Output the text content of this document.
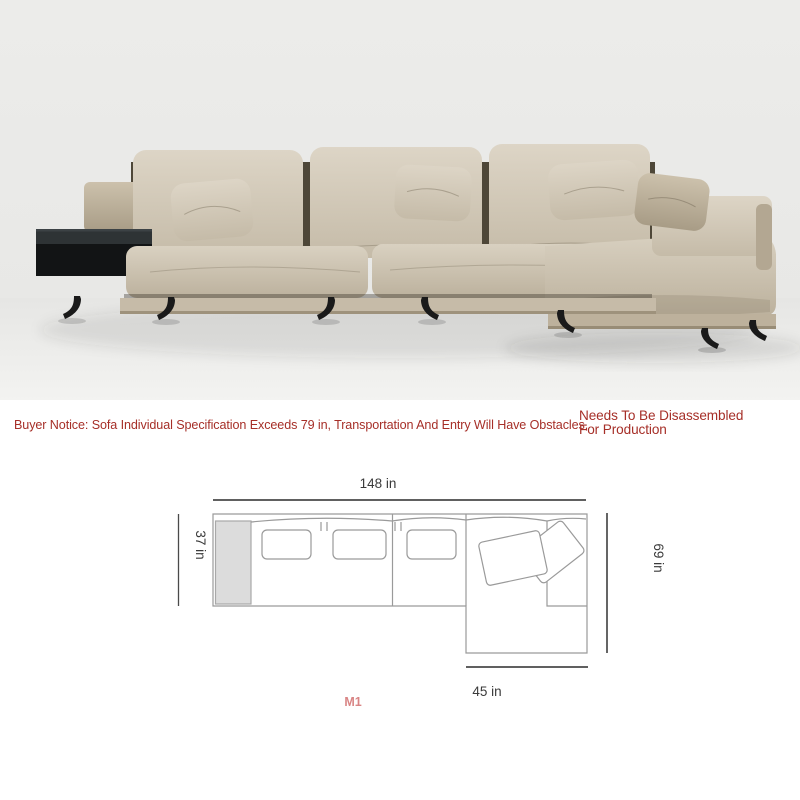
Buyer Notice: Sofa Individual Specification Exceeds 79 in, Transportation And Entry Will Have Obstacles,
Needs To Be Disassembled
For Production
148 in
37 in	69 in
45 in
M1
